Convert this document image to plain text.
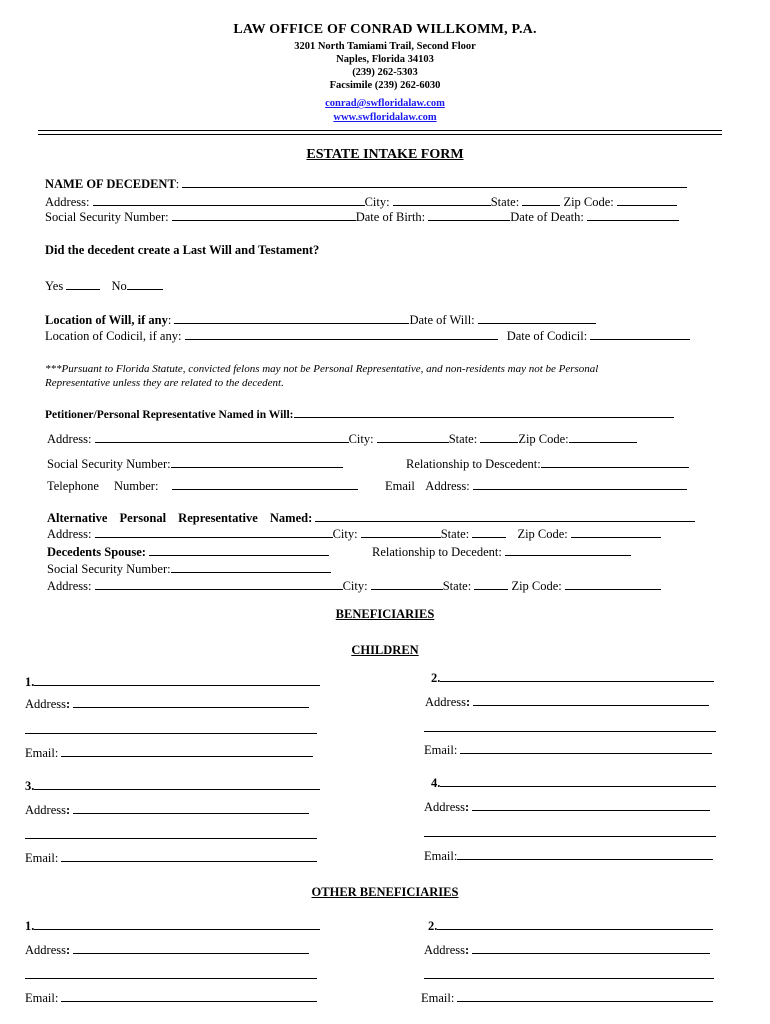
LAW OFFICE OF CONRAD WILLKOMM, P.A.
3201 North Tamiami Trail, Second Floor
Naples, Florida 34103
(239) 262-5303
Facsimile (239) 262-6030
conrad@swfloridalaw.com
www.swfloridalaw.com
ESTATE INTAKE FORM
NAME OF DECEDENT:
Address:	City:	State:	Zip Code:
Social Security Number:	Date of Birth:	Date of Death:
Did the decedent create a Last Will and Testament?
Yes	No
Location of Will, if any:	Date of Will:
Location of Codicil, if any:	Date of Codicil:
***Pursuant to Florida Statute, convicted felons may not be Personal Representative, and non-residents may not be Personal
Representative unless they are related to the decedent.
Petitioner/Personal Representative Named in Will:
Address:	City:	State:	Zip Code:
Social Security Number:	Relationship to Descedent:
Telephone Number:	Email Address:
Alternative Personal Representative Named:
Address:	City:	State:	Zip Code:
Decedents Spouse:	Relationship to Decedent:
Social Security Number:
Address:	City:	State:	Zip Code:
BENEFICIARIES
CHILDREN
1.
Address:
Email:
2.
Address:
Email:
3.
Address:
Email:
4.
Address:
Email:
OTHER BENEFICIARIES
1.
Address:
Email:
2.
Address:
Email:
